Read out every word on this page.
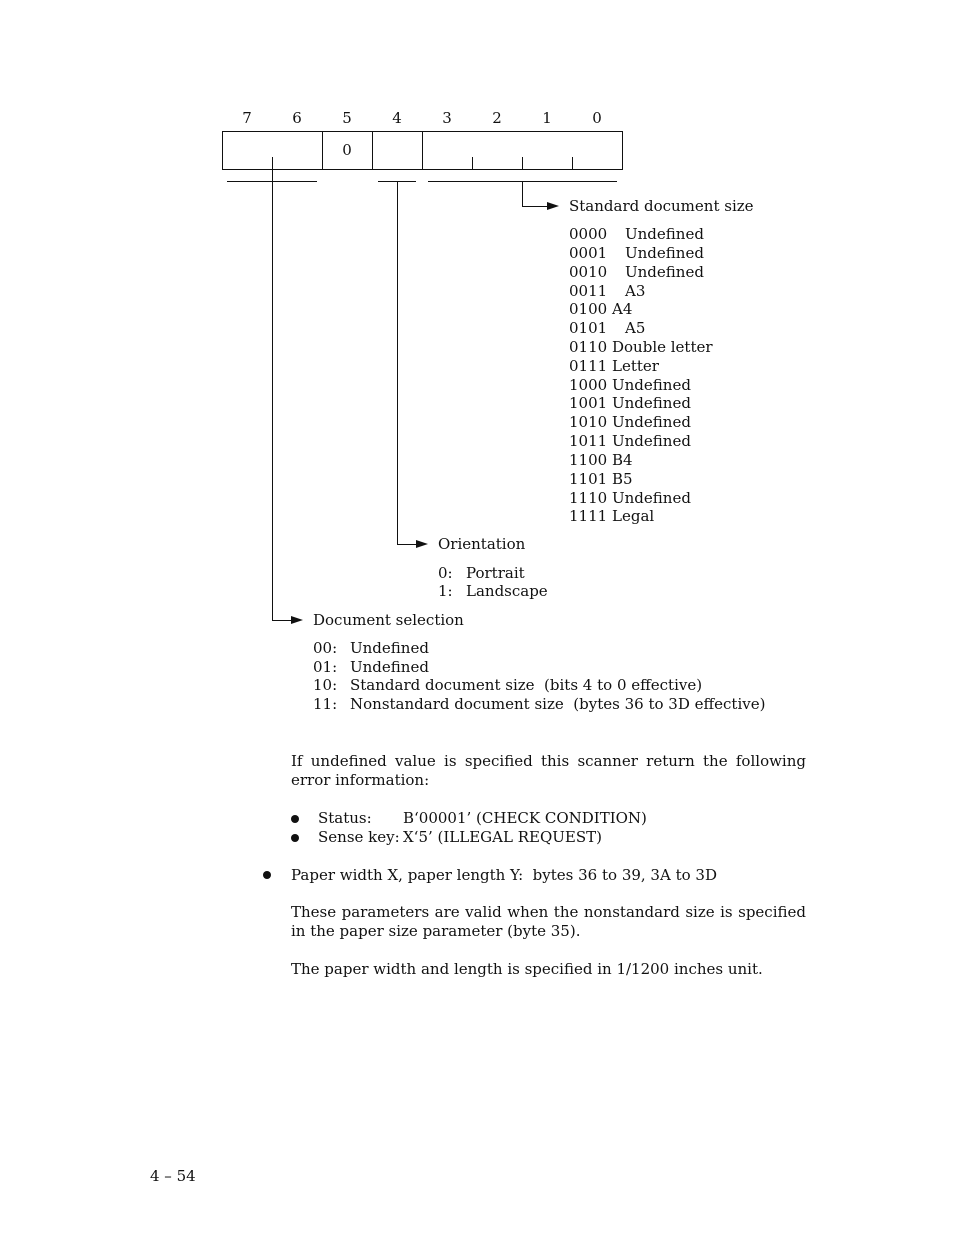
7	6	5	4	3	2	1	0
0
Standard document size
0000 Undefined
0001 Undefined
0010 Undefined
0011 A3
0100 A4
0101 A5
0110 Double letter
0111 Letter
1000 Undefined
1001 Undefined
1010 Undefined
1011 Undefined
1100 B4
1101 B5
1110 Undefined
1111 Legal
Orientation
0: Portrait
1: Landscape
Document selection
00: Undefined
01: Undefined
10: Standard document size  (bits 4 to 0 effective)
11: Nonstandard document size  (bytes 36 to 3D effective)

If undefined value is specified this scanner return the following error information:

Status: B‘00001’ (CHECK CONDITION)
Sense key: X‘5’ (ILLEGAL REQUEST)
Paper width X, paper length Y:  bytes 36 to 39, 3A to 3D

These parameters are valid when the nonstandard size is specified in the paper size parameter (byte 35).

The paper width and length is specified in 1/1200 inches unit.

4 – 54
